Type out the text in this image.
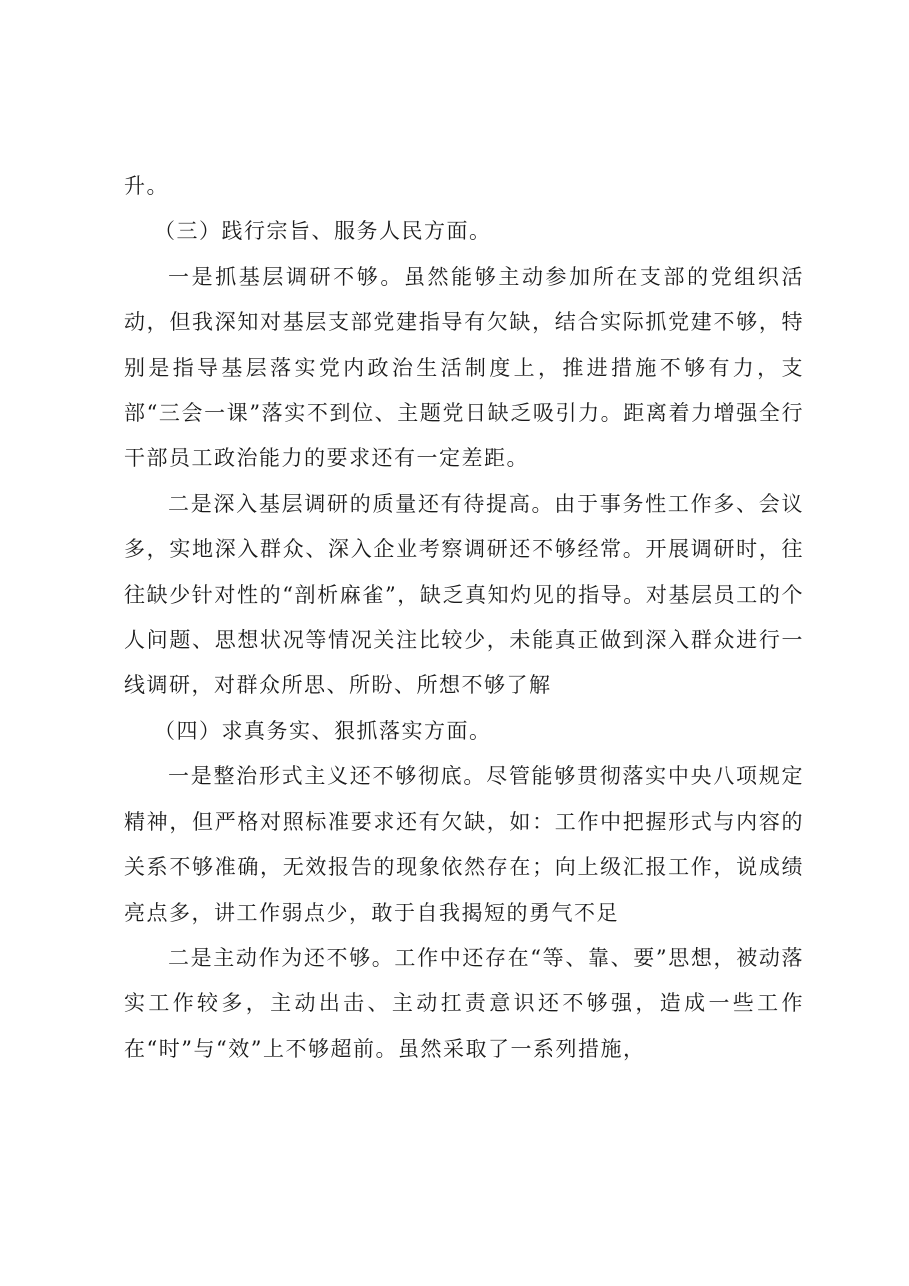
升。

（三）践行宗旨、服务人民方面。

一是抓基层调研不够。虽然能够主动参加所在支部的党组织活动，但我深知对基层支部党建指导有欠缺，结合实际抓党建不够，特别是指导基层落实党内政治生活制度上，推进措施不够有力，支部“三会一课”落实不到位、主题党日缺乏吸引力。距离着力增强全行干部员工政治能力的要求还有一定差距。

二是深入基层调研的质量还有待提高。由于事务性工作多、会议多，实地深入群众、深入企业考察调研还不够经常。开展调研时，往往缺少针对性的“剖析麻雀”，缺乏真知灼见的指导。对基层员工的个人问题、思想状况等情况关注比较少，未能真正做到深入群众进行一线调研，对群众所思、所盼、所想不够了解

（四）求真务实、狠抓落实方面。

一是整治形式主义还不够彻底。尽管能够贯彻落实中央八项规定精神，但严格对照标准要求还有欠缺，如：工作中把握形式与内容的关系不够准确，无效报告的现象依然存在；向上级汇报工作，说成绩亮点多，讲工作弱点少，敢于自我揭短的勇气不足

二是主动作为还不够。工作中还存在“等、靠、要”思想，被动落实工作较多，主动出击、主动扛责意识还不够强，造成一些工作在“时”与“效”上不够超前。虽然采取了一系列措施，
